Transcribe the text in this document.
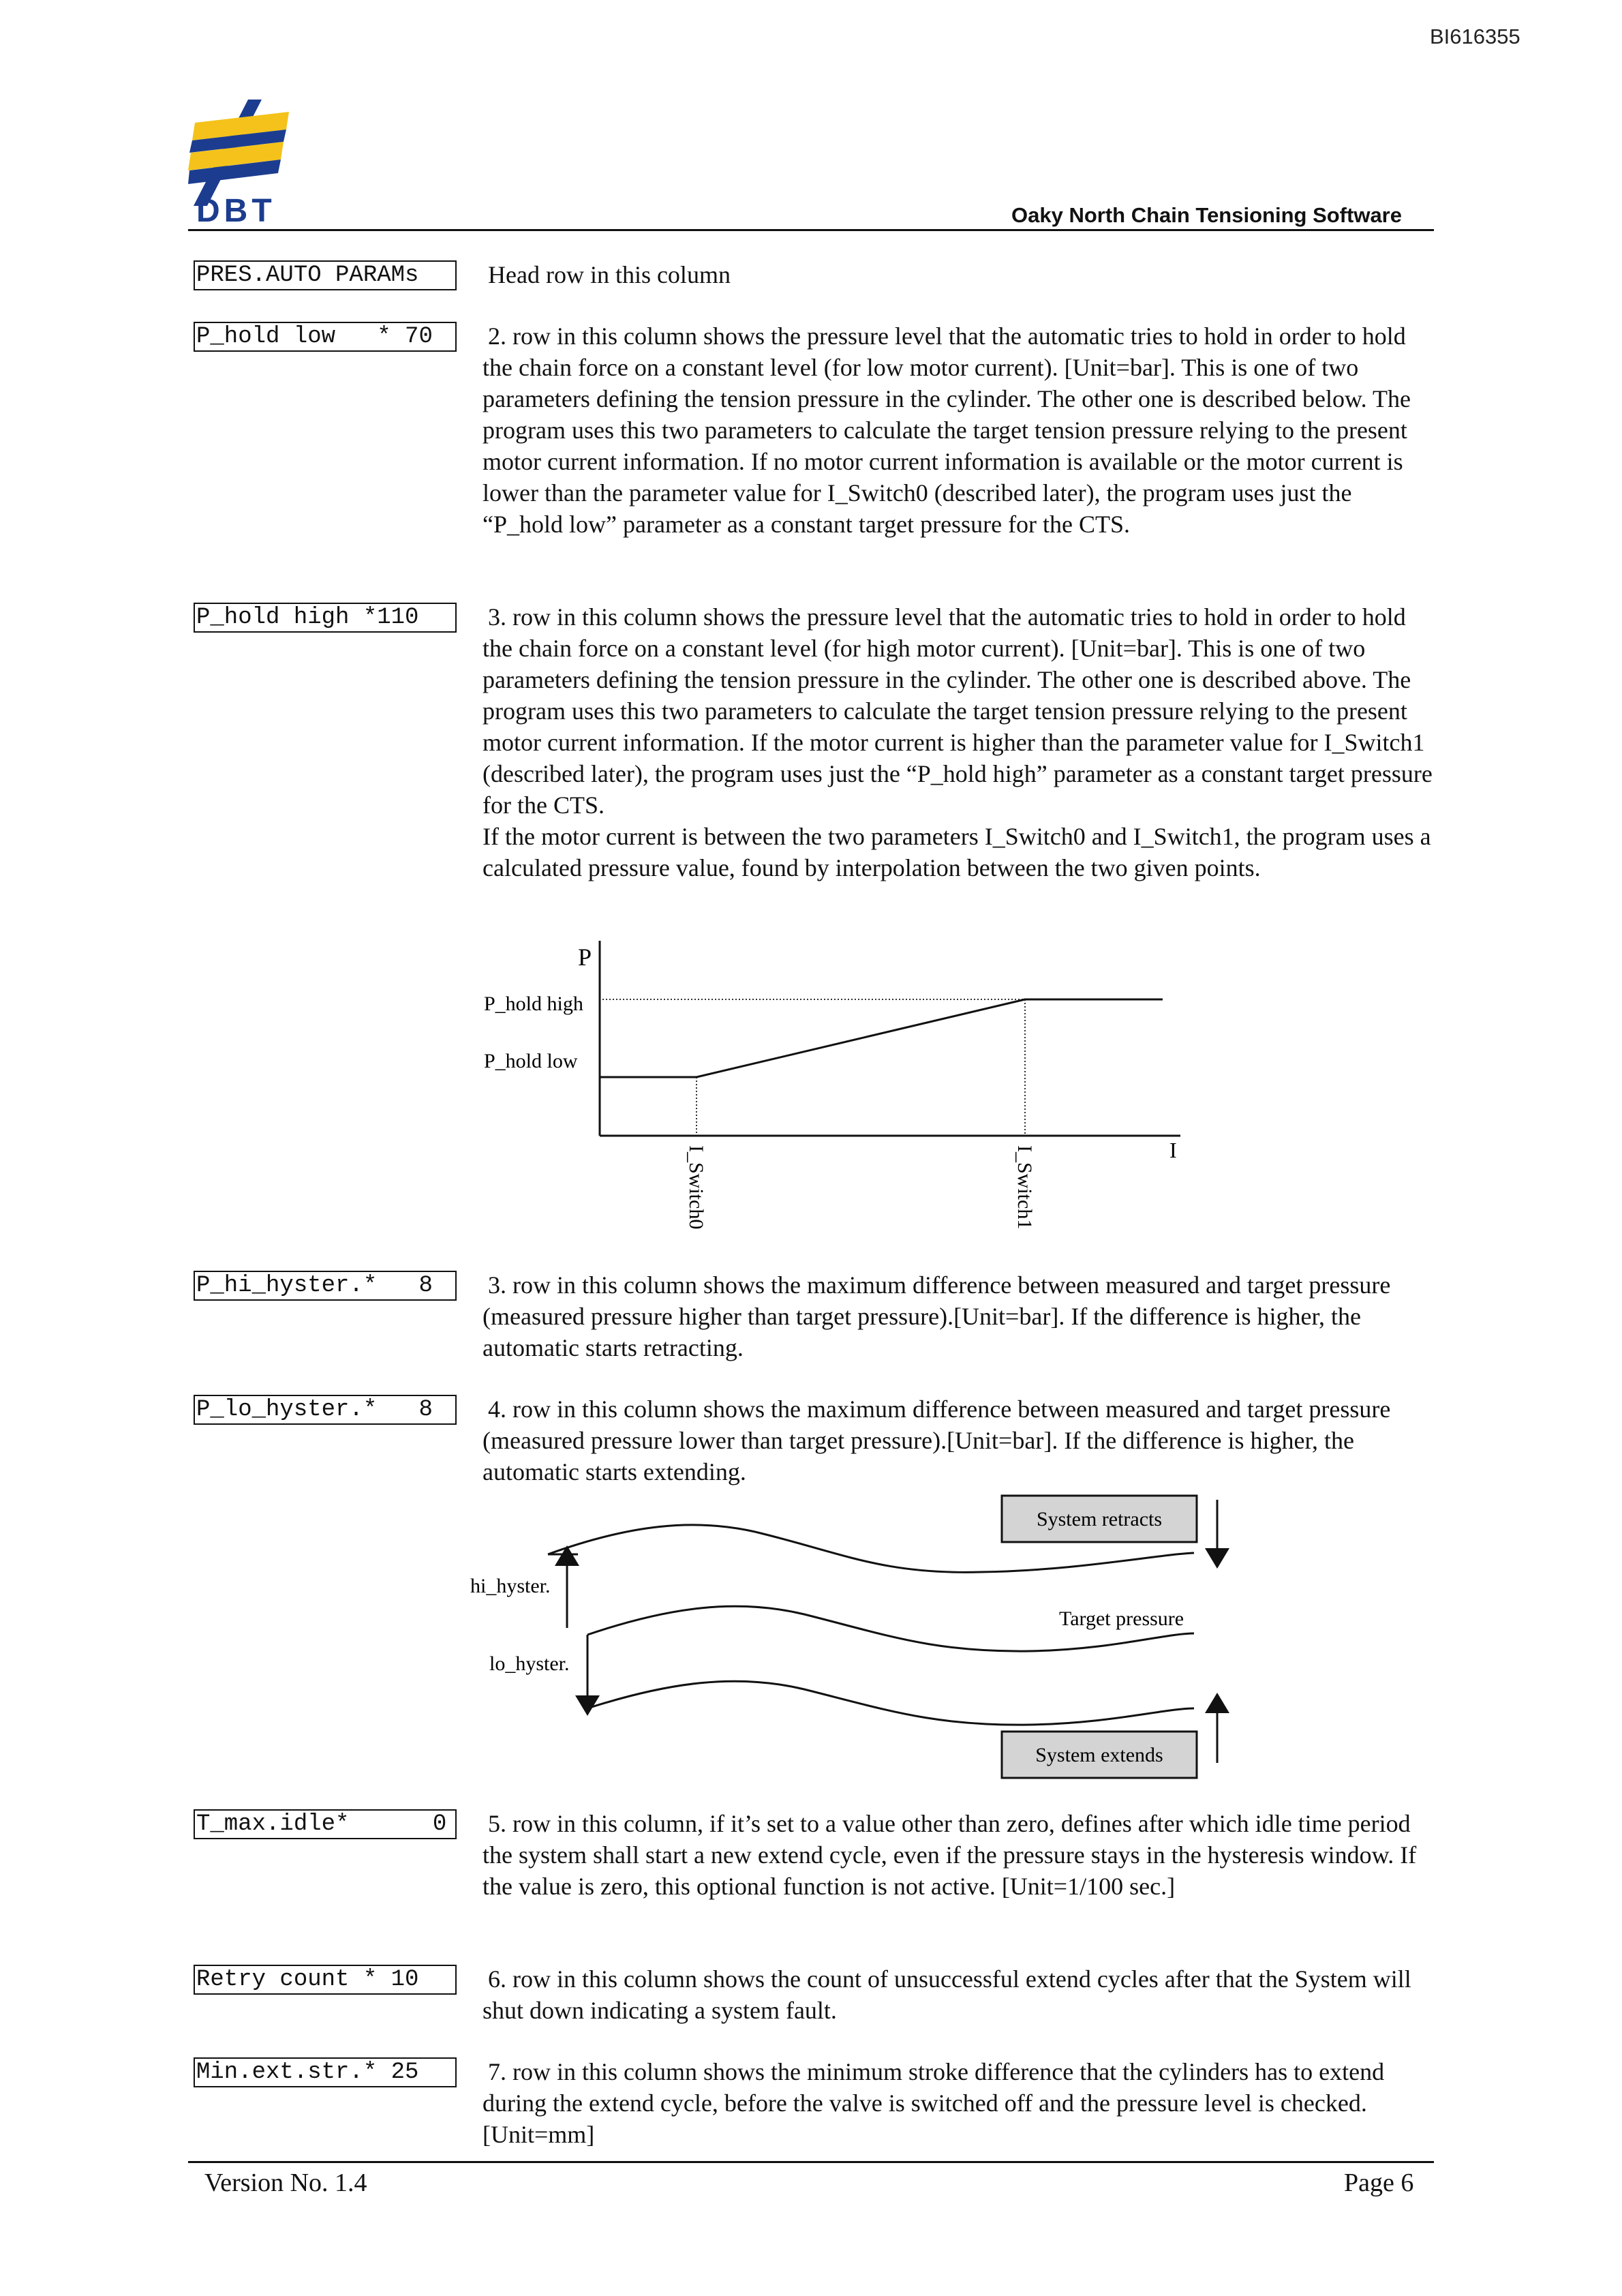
BI616355
DBT	Oaky North Chain Tensioning Software
PRES.AUTO PARAMs	Head row in this column

P_hold low   * 70	2. row in this column shows the pressure level that the automatic tries to hold in order to hold the chain force on a constant level (for low motor current). [Unit=bar]. This is one of two parameters defining the tension pressure in the cylinder. The other one is described below. The program uses this two parameters to calculate the target tension pressure relying to the present motor current information. If no motor current information is available or the motor current is lower than the parameter value for I_Switch0 (described later), the program uses just the “P_hold low” parameter as a constant target pressure for the CTS.

P_hold high *110	3. row in this column shows the pressure level that the automatic tries to hold in order to hold the chain force on a constant level (for high motor current). [Unit=bar]. This is one of two parameters defining the tension pressure in the cylinder. The other one is described above. The program uses this two parameters to calculate the target tension pressure relying to the present motor current information. If the motor current is higher than the parameter value for I_Switch1 (described later), the program uses just the “P_hold high” parameter as a constant target pressure for the CTS.

If the motor current is between the two parameters I_Switch0 and I_Switch1, the program uses a calculated pressure value, found by interpolation between the two given points.

P
I
P_hold high
P_hold low
I_Switch0	I_Switch1
P_hi_hyster.*   8	3. row in this column shows the maximum difference between measured and target pressure (measured pressure higher than target pressure).[Unit=bar]. If the difference is higher, the automatic starts retracting.

P_lo_hyster.*   8	4. row in this column shows the maximum difference between measured and target pressure (measured pressure lower than target pressure).[Unit=bar]. If the difference is higher, the automatic starts extending.

hi_hyster.
lo_hyster.
Target pressure
System retracts
System extends
T_max.idle*      0	5. row in this column, if it’s set to a value other than zero, defines after which idle time period the system shall start a new extend cycle, even if the pressure stays in the hysteresis window. If the value is zero, this optional function is not active. [Unit=1/100 sec.]

Retry count * 10	6. row in this column shows the count of unsuccessful extend cycles after that the System will shut down indicating a system fault.

Min.ext.str.* 25	7. row in this column shows the minimum stroke difference that the cylinders has to extend during the extend cycle, before the valve is switched off and the pressure level is checked. [Unit=mm]

Version No. 1.4	Page 6
